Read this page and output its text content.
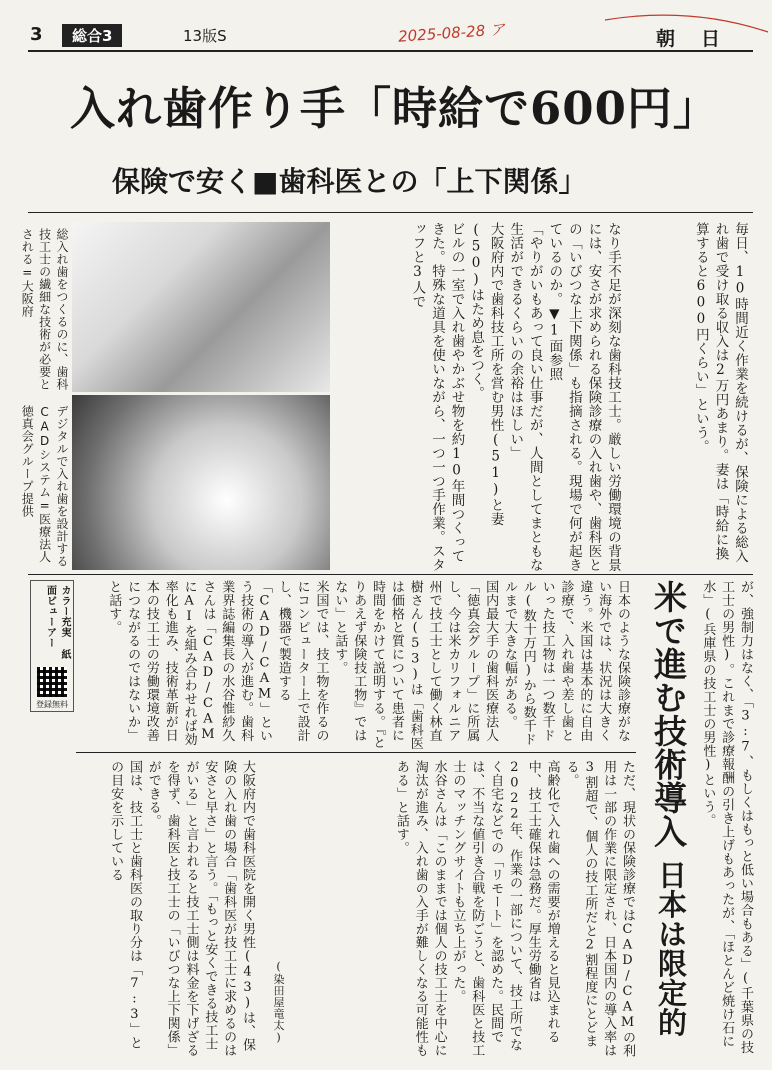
3	総合3	13版S	2025-08-28 ア	朝日
入れ歯作り手「時給で600円」
保険で安く■歯科医との「上下関係」
総入れ歯をつくるのに、歯科技工士の繊細な技術が必要とされる=大阪府
デジタルで入れ歯を設計するCADシステム=医療法人徳真会グループ提供	なり手不足が深刻な歯科技工士。厳しい労働環境の背景には、安さが求められる保険診療の入れ歯や、歯科医との「いびつな上下関係」も指摘される。現場で何が起きているのか。▼1面参照

「やりがいもあって良い仕事だが、人間としてまともな生活ができるくらいの余裕はほしい」

大阪府内で歯科技工所を営む男性(51)と妻(50)はため息をつく。

ビルの一室で入れ歯やかぶせ物を約10年間つくってきた。特殊な道具を使いながら、一つ一つ手作業。スタッフと3人で	毎日、10時間近く作業を続けるが、保険による総入れ歯で受け取る収入は2万円あまり。妻は「時給に換算すると600円くらい」という。

カラー充実 紙面ビューアー
登録無料	日本のような保険診療がない海外では、状況は大きく違う。米国は基本的に自由診療で、入れ歯や差し歯といった技工物は一つ数千ドル(数十万円)から数千ドルまで大きな幅がある。

国内最大手の歯科医療法人「徳真会グループ」に所属し、今は米カリフォルニア州で技工士として働く林直樹さん(53)は「歯科医は価格と質について患者に時間をかけて説明する。『とりあえず保険技工物』ではない」と話す。

米国では、技工物を作るのにコンピューター上で設計し、機器で製造する「CAD/CAM」という技術の導入が進む。歯科業界誌編集長の水谷惟紗久さんは「CAD/CAMにAIを組み合わせれば効率化も進み、技術革新が日本の技工士の労働環境改善につながるのではないか」と話す。	米で進む技術導入
日本は限定的	が、強制力はなく、「3:7、もしくはもっと低い場合もある」(千葉県の技工士の男性)。これまで診療報酬の引き上げもあったが、「ほとんど焼け石に水」(兵庫県の技工士の男性)という。

ただ、現状の保険診療ではCAD/CAMの利用は一部の作業に限定され、日本国内の導入率は3割超で、個人の技工所だと2割程度にとどまる。

高齢化で入れ歯への需要が増えると見込まれる中、技工士確保は急務だ。厚生労働省は2022年、作業の一部について、技工所でなく自宅などでの「リモート」を認めた。民間では、不当な値引き合戦を防ごうと、歯科医と技工士のマッチングサイトも立ち上がった。

水谷さんは「このままでは個人の技工士を中心に淘汰が進み、入れ歯の入手が難しくなる可能性もある」と話す。

(染田屋竜太)

大阪府内で歯科医院を開く男性(43)は、保険の入れ歯の場合「歯科医が技工士に求めるのは安さと早さ」と言う。「もっと安くできる技工士がいる」と言われると技工士側は料金を下げざるを得ず、歯科医と技工士の「いびつな上下関係」ができる。

国は、技工士と歯科医の取り分は「7:3」との目安を示している
